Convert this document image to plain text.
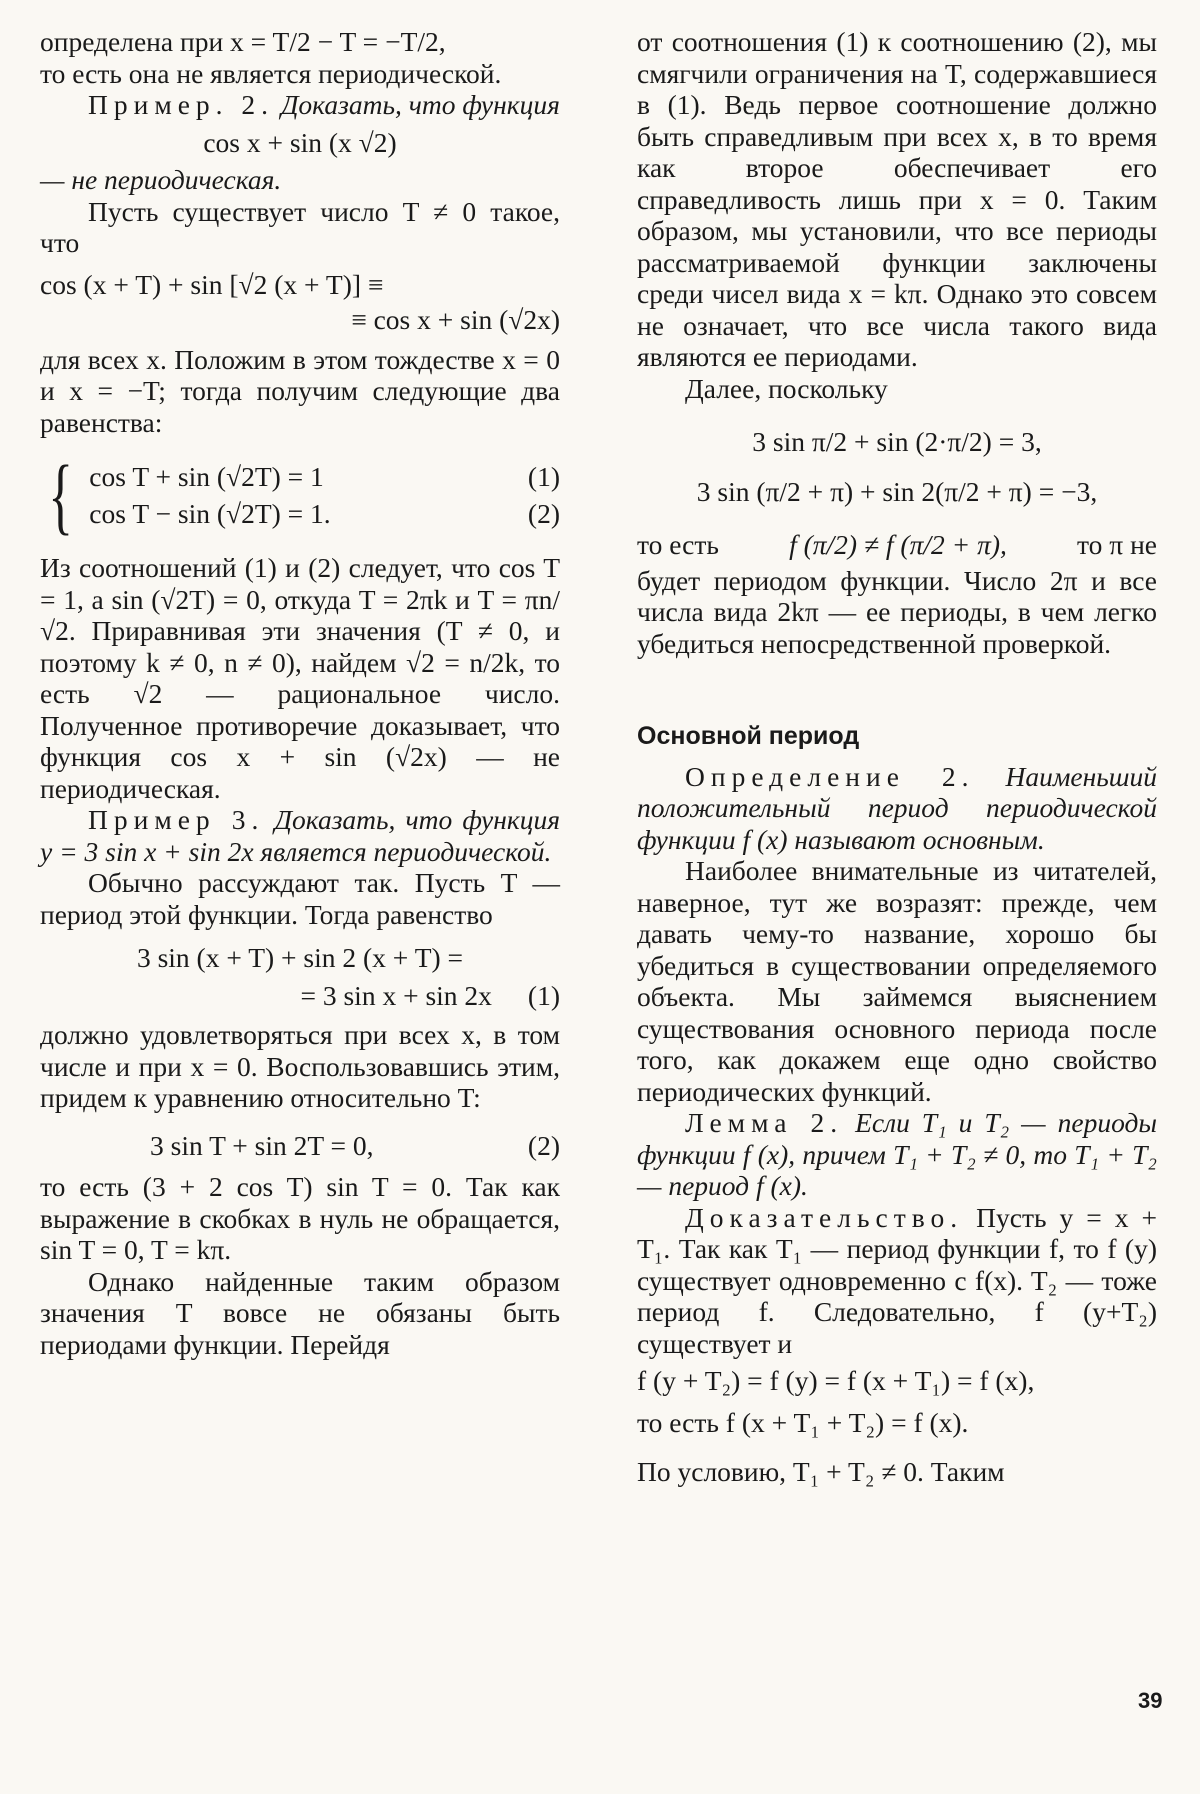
определена при x = T/2 − T = −T/2,

то есть она не является периодической.

Пример. 2. Доказать, что функция

cos x + sin (x √2)

— не периодическая.

Пусть существует число T ≠ 0 такое, что

cos (x + T) + sin [√2 (x + T)] ≡

≡ cos x + sin (√2x)

для всех x. Положим в этом тождестве x = 0 и x = −T; тогда получим следующие два равенства:

{ cos T + sin (√2T) = 1	(1)
cos T − sin (√2T) = 1.	(2)

Из соотношений (1) и (2) следует, что cos T = 1, а sin (√2T) = 0, откуда T = 2πk и T = πn/√2. Приравнивая эти значения (T ≠ 0, и поэтому k ≠ 0, n ≠ 0), найдем √2 = n/2k, то есть √2 — рациональное число. Полученное противоречие доказывает, что функция cos x + sin (√2x) — не периодическая.

Пример 3. Доказать, что функция y = 3 sin x + sin 2x является периодической.

Обычно рассуждают так. Пусть T — период этой функции. Тогда равенство

3 sin (x + T) + sin 2 (x + T) =

= 3 sin x + sin 2x (1)

должно удовлетворяться при всех x, в том числе и при x = 0. Воспользовавшись этим, придем к уравнению относительно T:

3 sin T + sin 2T = 0,	(2)

то есть (3 + 2 cos T) sin T = 0. Так как выражение в скобках в нуль не обращается, sin T = 0, T = kπ.

Однако найденные таким образом значения T вовсе не обязаны быть периодами функции. Перейдя

от соотношения (1) к соотношению (2), мы смягчили ограничения на T, содержавшиеся в (1). Ведь первое соотношение должно быть справедливым при всех x, в то время как второе обеспечивает его справедливость лишь при x = 0. Таким образом, мы установили, что все периоды рассматриваемой функции заключены среди чисел вида x = kπ. Однако это совсем не означает, что все числа такого вида являются ее периодами.

Далее, поскольку

3 sin π/2 + sin (2·π/2) = 3,

3 sin (π/2 + π) + sin 2(π/2 + π) = −3,

то есть	f (π/2) ≠ f (π/2 + π),	то π не

будет периодом функции. Число 2π и все числа вида 2kπ — ее периоды, в чем легко убедиться непосредственной проверкой.

Основной период

Определение 2. Наименьший положительный период периодической функции f (x) называют основным.

Наиболее внимательные из читателей, наверное, тут же возразят: прежде, чем давать чему-то название, хорошо бы убедиться в существовании определяемого объекта. Мы займемся выяснением существования основного периода после того, как докажем еще одно свойство периодических функций.

Лемма 2. Если T₁ и T₂ — периоды функции f (x), причем T₁ + T₂ ≠ 0, то T₁ + T₂ — период f (x).

Доказательство. Пусть y = x + T₁. Так как T₁ — период функции f, то f (y) существует одновременно с f(x). T₂ — тоже период f. Следовательно, f (y+T₂) существует и

f (y + T₂) = f (y) = f (x + T₁) = f (x),

то есть f (x + T₁ + T₂) = f (x).

По условию, T₁ + T₂ ≠ 0. Таким

39
